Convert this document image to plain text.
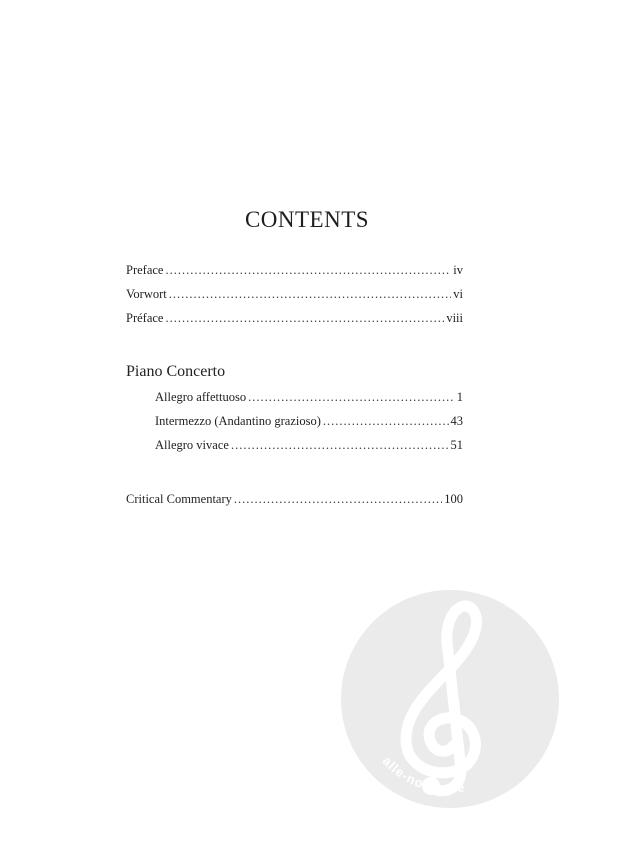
CONTENTS
Preface .....	iv
Vorwort .....	vi
Préface .....	viii
Piano Concerto
Allegro affettuoso .....	1
Intermezzo (Andantino grazioso) .....	43
Allegro vivace .....	51
Critical Commentary .....	100
alle-noten.de
